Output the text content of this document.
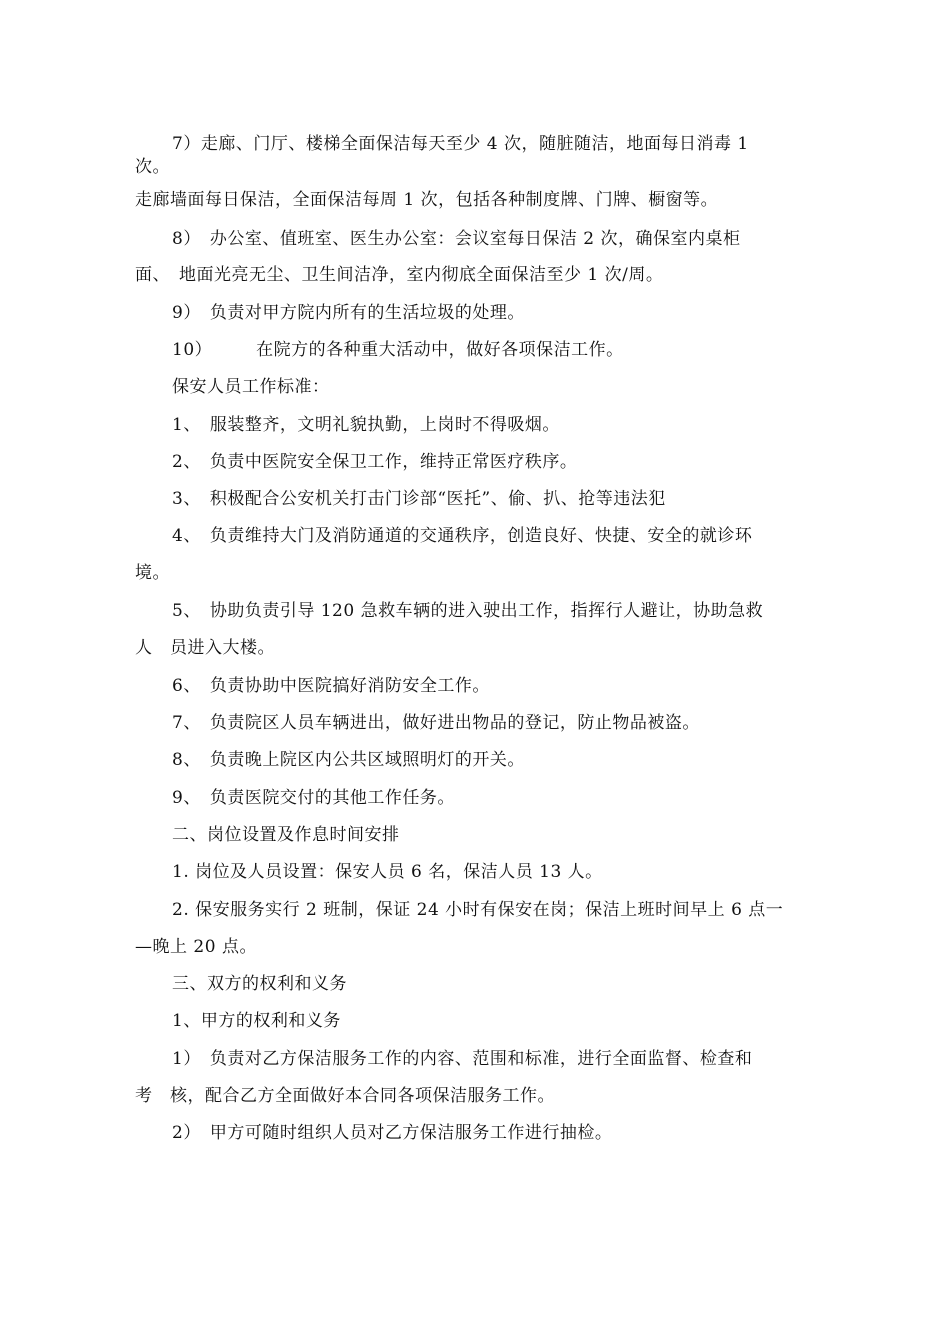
7）走廊、门厅、楼梯全面保洁每天至少 4 次，随脏随洁，地面每日消毒 1
次。
走廊墙面每日保洁，全面保洁每周 1 次，包括各种制度牌、门牌、橱窗等。
8）　办公室、值班室、医生办公室：会议室每日保洁 2 次，确保室内桌柜
面、　地面光亮无尘、卫生间洁净，室内彻底全面保洁至少 1 次/周。
9）　负责对甲方院内所有的生活垃圾的处理。
10）　　　在院方的各种重大活动中，做好各项保洁工作。
保安人员工作标准：
1、　服装整齐，文明礼貌执勤，上岗时不得吸烟。
2、　负责中医院安全保卫工作，维持正常医疗秩序。
3、　积极配合公安机关打击门诊部“医托”、偷、扒、抢等违法犯
4、　负责维持大门及消防通道的交通秩序，创造良好、快捷、安全的就诊环
境。
5、　协助负责引导 120 急救车辆的进入驶出工作，指挥行人避让，协助急救
人　员进入大楼。
6、　负责协助中医院搞好消防安全工作。
7、　负责院区人员车辆进出，做好进出物品的登记，防止物品被盗。
8、　负责晚上院区内公共区域照明灯的开关。
9、　负责医院交付的其他工作任务。
二、岗位设置及作息时间安排
1. 岗位及人员设置：保安人员 6 名，保洁人员 13 人。
2. 保安服务实行 2 班制，保证 24 小时有保安在岗；保洁上班时间早上 6 点一
—晚上 20 点。
三、双方的权利和义务
1、甲方的权利和义务
1）　负责对乙方保洁服务工作的内容、范围和标准，进行全面监督、检查和
考　核，配合乙方全面做好本合同各项保洁服务工作。
2）　甲方可随时组织人员对乙方保洁服务工作进行抽检。
